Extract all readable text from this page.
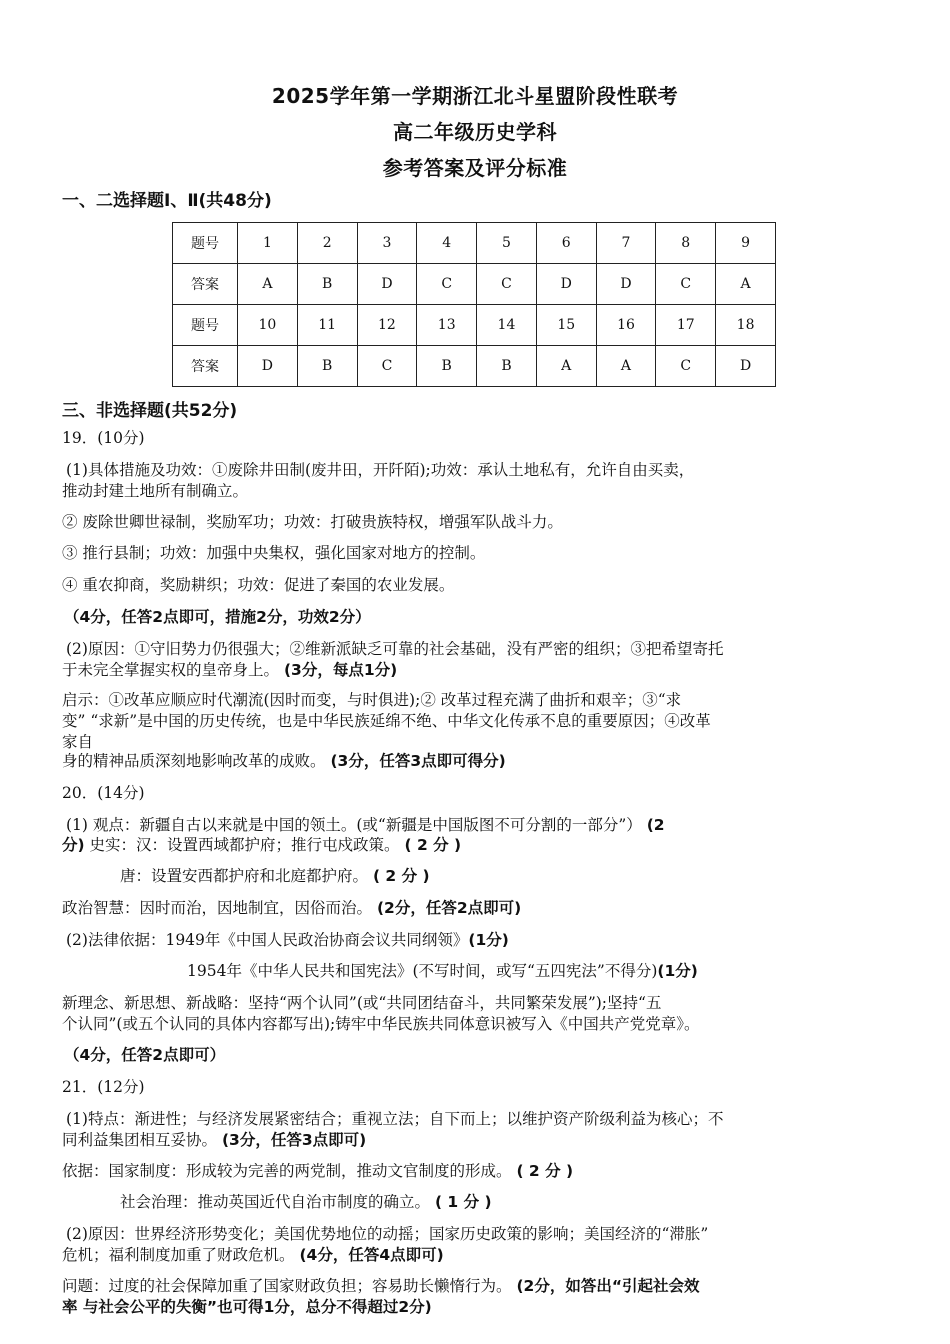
2025学年第一学期浙江北斗星盟阶段性联考
高二年级历史学科
参考答案及评分标准
一、二选择题Ⅰ、Ⅱ(共48分)
题号	1	2	3	4	5	6	7	8	9
答案	A	B	D	C	C	D	D	C	A
题号	10	11	12	13	14	15	16	17	18
答案	D	B	C	B	B	A	A	C	D
三、非选择题(共52分)
19．(10分)
(1)具体措施及功效：①废除井田制(废井田，开阡陌);功效：承认土地私有，允许自由买卖，
推动封建土地所有制确立。
② 废除世卿世禄制，奖励军功；功效：打破贵族特权，增强军队战斗力。
③ 推行县制；功效：加强中央集权，强化国家对地方的控制。
④ 重农抑商，奖励耕织；功效：促进了秦国的农业发展。
（4分，任答2点即可，措施2分，功效2分）
(2)原因：①守旧势力仍很强大；②维新派缺乏可靠的社会基础，没有严密的组织；③把希望寄托
于未完全掌握实权的皇帝身上。 (3分，每点1分)
启示：①改革应顺应时代潮流(因时而变，与时俱进);② 改革过程充满了曲折和艰辛；③“求
变” “求新”是中国的历史传统，也是中华民族延绵不绝、中华文化传承不息的重要原因；④改革
家自
身的精神品质深刻地影响改革的成败。 (3分，任答3点即可得分)
20．(14分)
(1) 观点：新疆自古以来就是中国的领土。(或“新疆是中国版图不可分割的一部分”） (2
分) 史实：汉：设置西域都护府；推行屯戍政策。 ( 2 分 )
唐：设置安西都护府和北庭都护府。 ( 2 分 )
政治智慧：因时而治，因地制宜，因俗而治。 (2分，任答2点即可)
(2)法律依据：1949年《中国人民政治协商会议共同纲领》(1分)
1954年《中华人民共和国宪法》(不写时间，或写“五四宪法”不得分)(1分)
新理念、新思想、新战略：坚持“两个认同”(或“共同团结奋斗，共同繁荣发展”);坚持“五
个认同”(或五个认同的具体内容都写出);铸牢中华民族共同体意识被写入《中国共产党党章》。
（4分，任答2点即可）
21．(12分)
(1)特点：渐进性；与经济发展紧密结合；重视立法；自下而上；以维护资产阶级利益为核心；不
同利益集团相互妥协。 (3分，任答3点即可)
依据：国家制度：形成较为完善的两党制，推动文官制度的形成。 ( 2 分 )
社会治理：推动英国近代自治市制度的确立。 ( 1 分 )
(2)原因：世界经济形势变化；美国优势地位的动摇；国家历史政策的影响；美国经济的“滞胀”
危机；福利制度加重了财政危机。 (4分，任答4点即可)
问题：过度的社会保障加重了国家财政负担；容易助长懒惰行为。 (2分，如答出“引起社会效
率 与社会公平的失衡”也可得1分，总分不得超过2分)
